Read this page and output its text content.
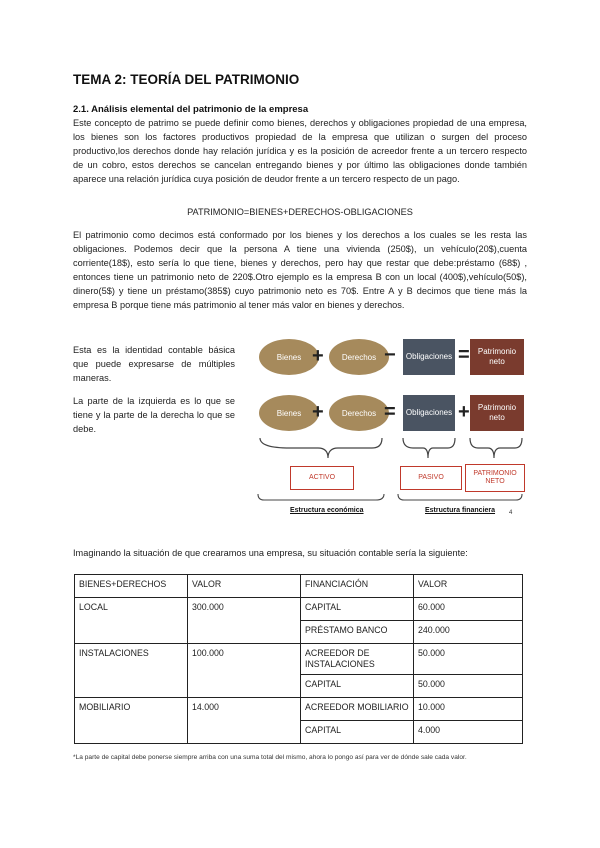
TEMA 2: TEORÍA DEL PATRIMONIO
2.1. Análisis elemental del patrimonio de la empresa
Este concepto de patrimo se puede definir como bienes, derechos y obligaciones propiedad de una empresa, los bienes son los factores productivos propiedad de la empresa que utilizan o surgen del proceso productivo,los derechos donde hay relación jurídica y es la posición de acreedor frente a un tercero respecto de un cobro, estos derechos se cancelan entregando bienes y por último las obligaciones donde también aparece una relación jurídica cuya posición de deudor frente a un tercero respecto de un pago.
PATRIMONIO=BIENES+DERECHOS-OBLIGACIONES
El patrimonio como decimos está conformado por los bienes y los derechos a los cuales se les resta las obligaciones. Podemos decir que la persona A tiene una vivienda (250$), un vehículo(20$),cuenta corriente(18$), esto sería lo que tiene, bienes y derechos, pero hay que restar que debe:préstamo (68$) , entonces tiene un patrimonio neto de 220$.Otro ejemplo es la empresa B con un local (400$),vehículo(50$), dinero(5$) y tiene un préstamo(385$) cuyo patrimonio neto es 70$. Entre A y B decimos que tiene más la empresa B porque tiene más patrimonio al tener más valor en bienes y derechos.
Esta es la identidad contable básica que puede expresarse de múltiples maneras.
La parte de la izquierda es lo que se tiene y la parte de la derecha lo que se debe.
Bienes +	Derechos −	Obligaciones =	Patrimonio neto
Bienes +	Derechos =	Obligaciones +	Patrimonio neto
ACTIVO	PASIVO
PATRIMONIO NETO
Estructura económica	Estructura financiera 4
Imaginando la situación de que crearamos una empresa, su situación contable sería la siguiente:
BIENES+DERECHOS	VALOR	FINANCIACIÓN	VALOR
LOCAL	300.000	CAPITAL	60.000
		PRÉSTAMO BANCO	240.000
INSTALACIONES	100.000	ACREEDOR DE INSTALACIONES	50.000
		CAPITAL	50.000
MOBILIARIO	14.000	ACREEDOR MOBILIARIO	10.000
		CAPITAL	4.000
*La parte de capital debe ponerse siempre arriba con una suma total del mismo, ahora lo pongo así para ver de dónde sale cada valor.
